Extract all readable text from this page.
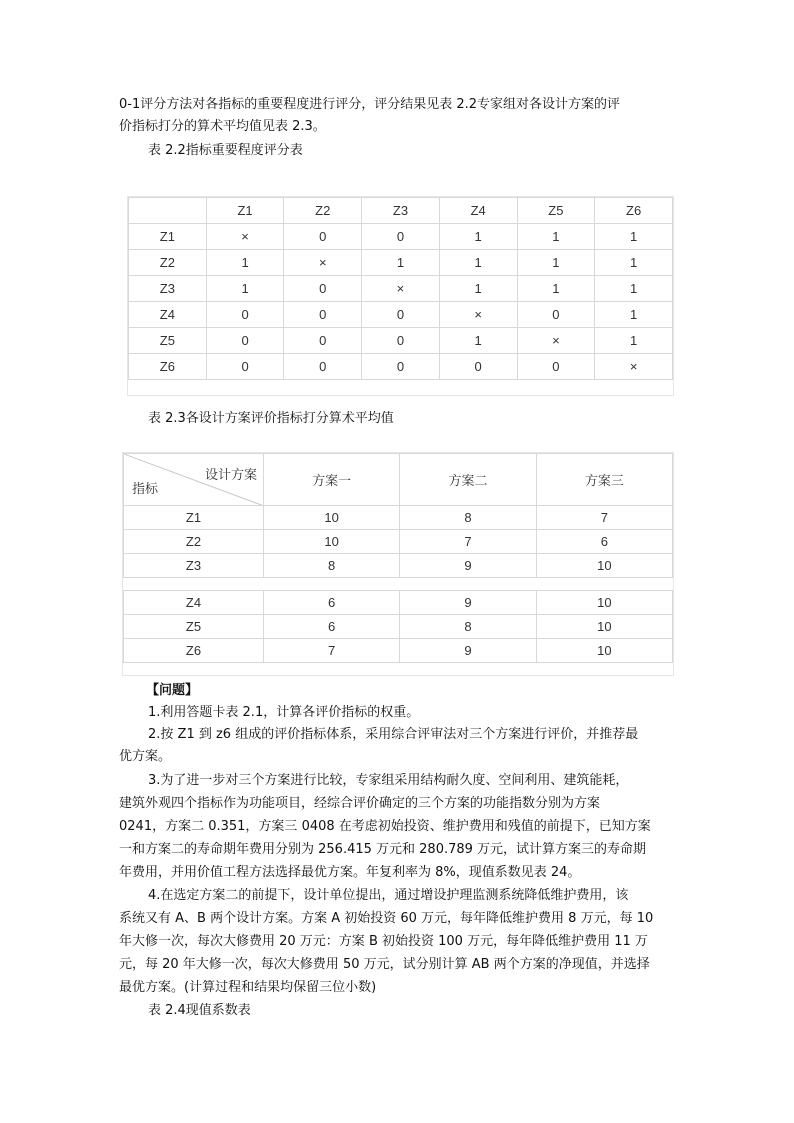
0-1评分方法对各指标的重要程度进行评分，评分结果见表 2.2专家组对各设计方案的评
价指标打分的算术平均值见表 2.3。
表 2.2指标重要程度评分表
	Z1	Z2	Z3	Z4	Z5	Z6
Z1	×	0	0	1	1	1
Z2	1	×	1	1	1	1
Z3	1	0	×	1	1	1
Z4	0	0	0	×	0	1
Z5	0	0	0	1	×	1
Z6	0	0	0	0	0	×
表 2.3各设计方案评价指标打分算术平均值
设计方案
指标	方案一	方案二	方案三
Z1	10	8	7
Z2	10	7	6
Z3	8	9	10

Z4	6	9	10
Z5	6	8	10
Z6	7	9	10
【问题】
1.利用答题卡表 2.1，计算各评价指标的权重。
2.按 Z1 到 z6 组成的评价指标体系，采用综合评审法对三个方案进行评价，并推荐最
优方案。
3.为了进一步对三个方案进行比较，专家组采用结构耐久度、空间利用、建筑能耗，
建筑外观四个指标作为功能项目，经综合评价确定的三个方案的功能指数分别为方案
0241，方案二 0.351，方案三 0408 在考虑初始投资、维护费用和残值的前提下，已知方案
一和方案二的寿命期年费用分别为 256.415 万元和 280.789 万元，试计算方案三的寿命期
年费用，并用价值工程方法选择最优方案。年复利率为 8%，现值系数见表 24。
4.在选定方案二的前提下，设计单位提出，通过增设护理监测系统降低维护费用，该
系统又有 A、B 两个设计方案。方案 A 初始投资 60 万元，每年降低维护费用 8 万元，每 10
年大修一次，每次大修费用 20 万元：方案 B 初始投资 100 万元，每年降低维护费用 11 万
元，每 20 年大修一次，每次大修费用 50 万元，试分别计算 AB 两个方案的净现值，并选择
最优方案。(计算过程和结果均保留三位小数)
表 2.4现值系数表
